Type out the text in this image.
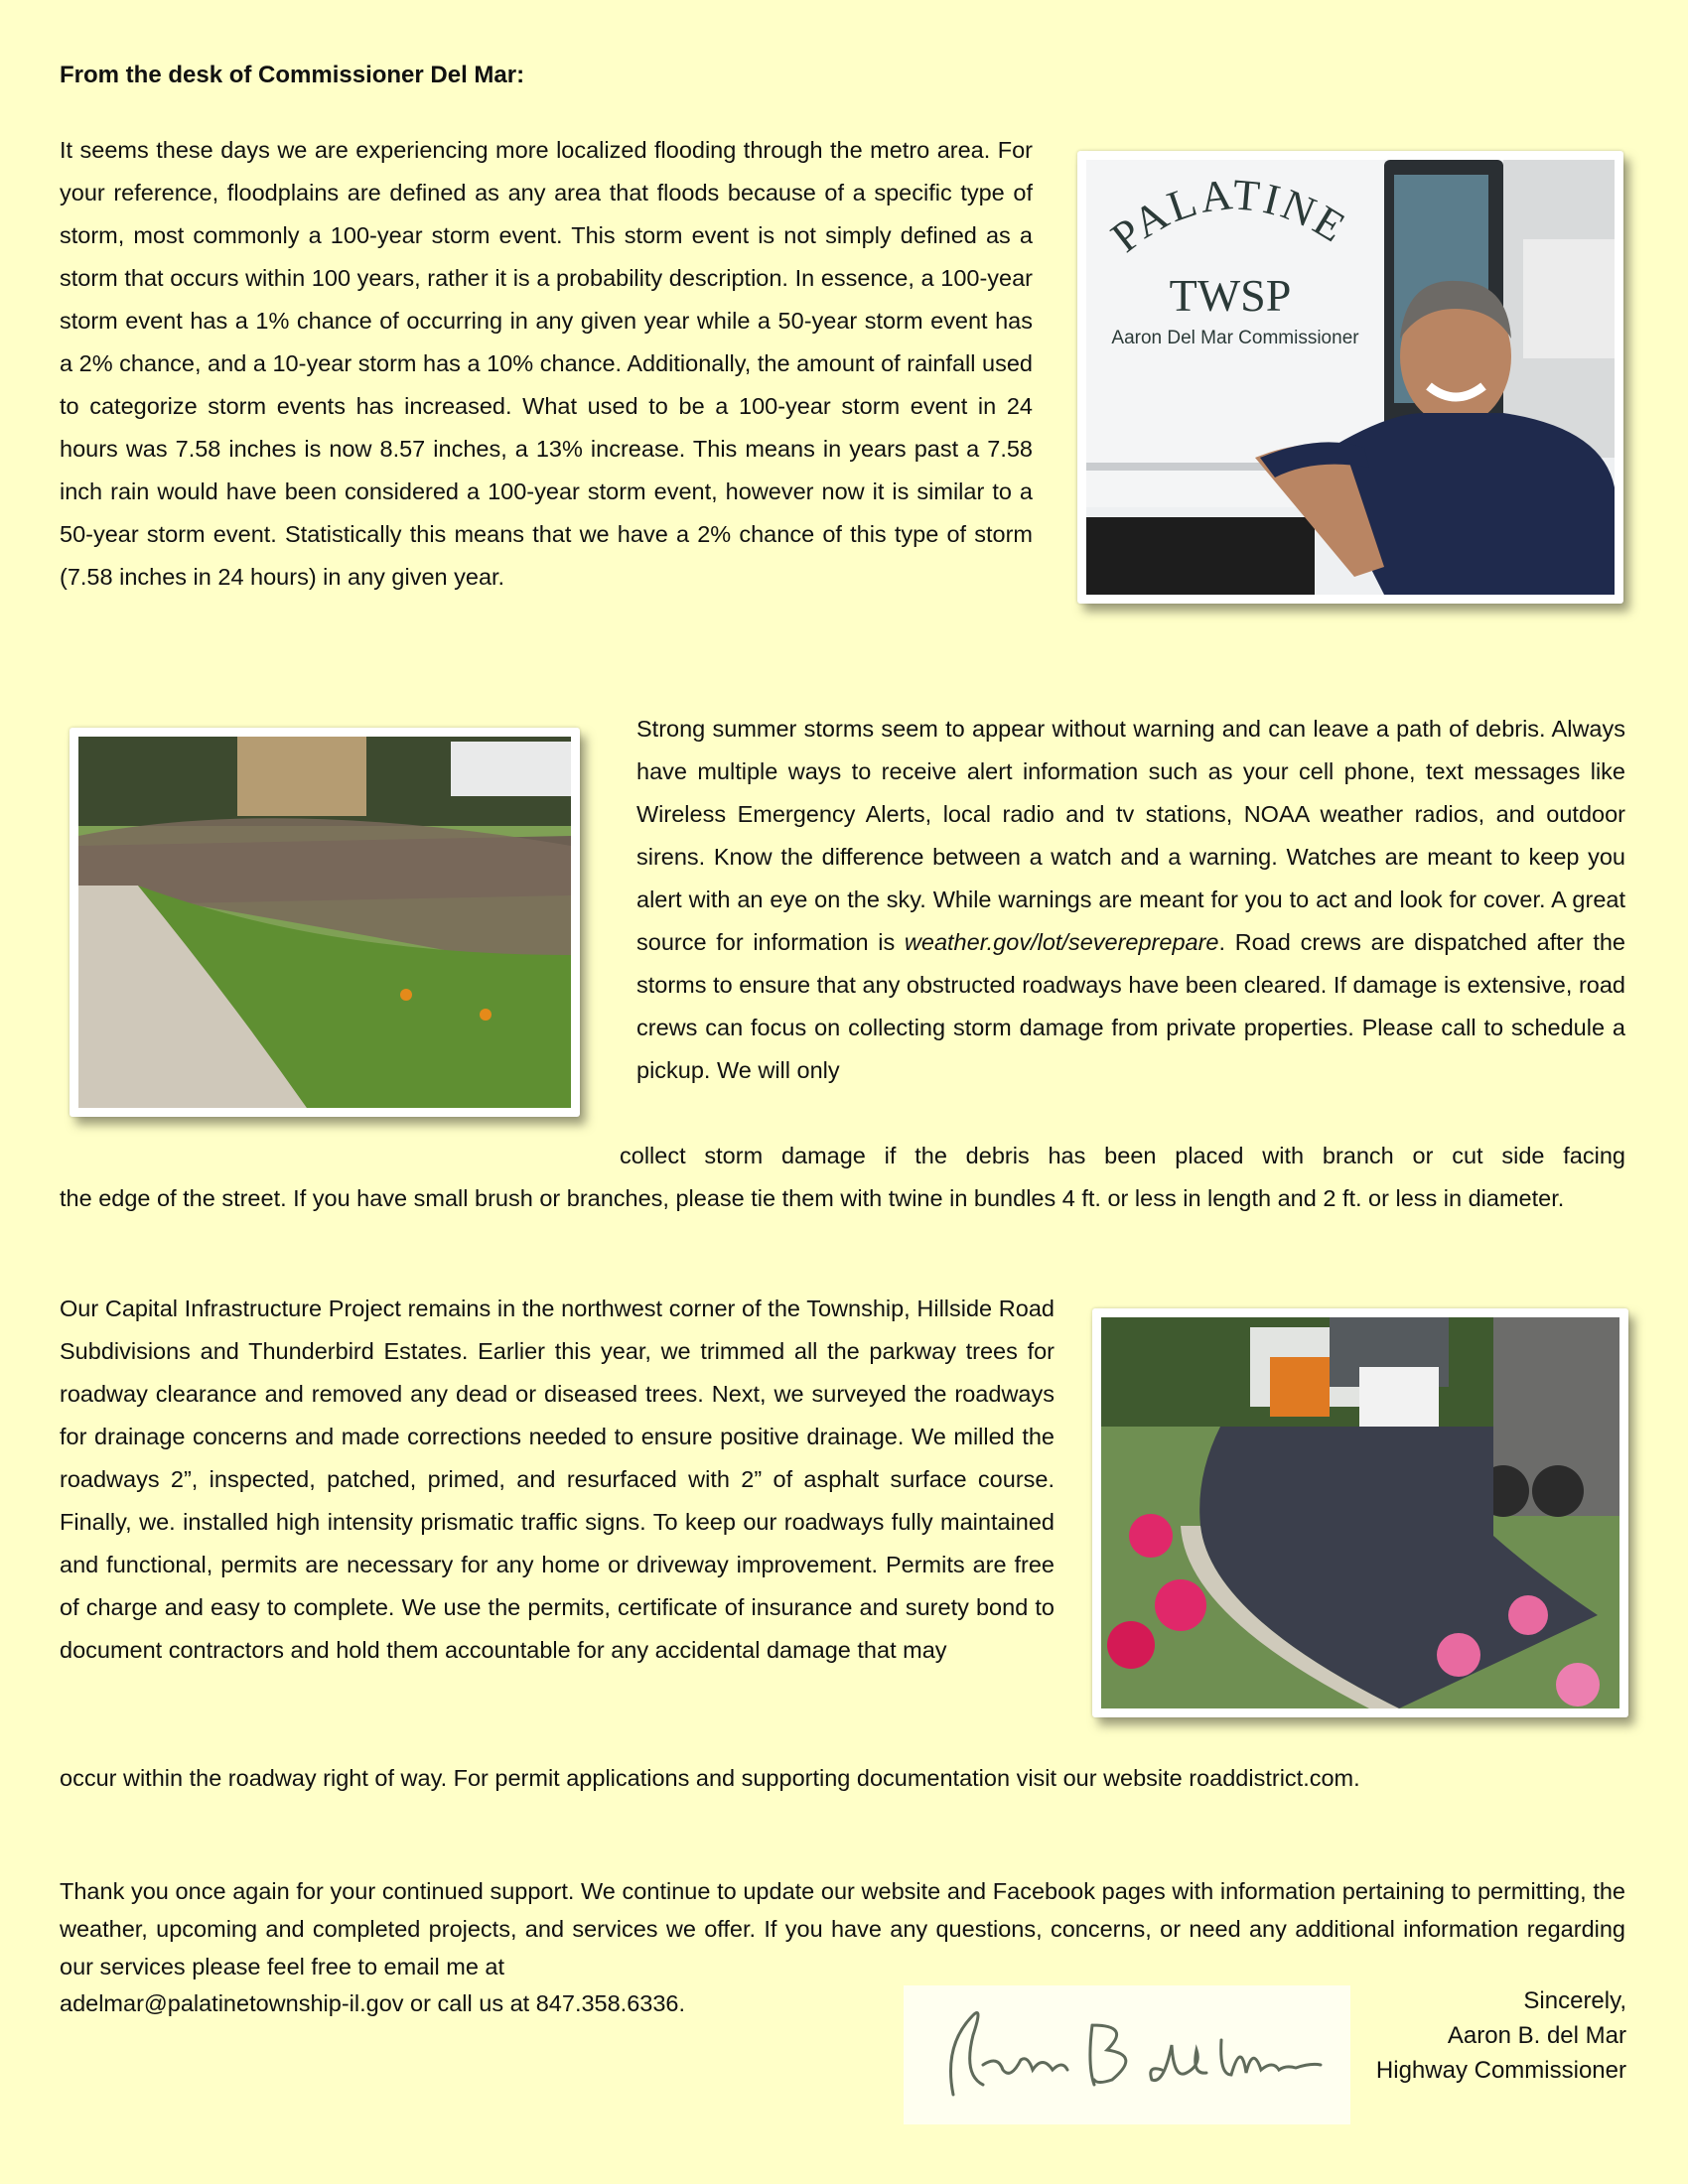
From the desk of Commissioner Del Mar:
It seems these days we are experiencing more localized flooding through the metro area. For your reference, floodplains are defined as any area that floods because of a specific type of storm, most commonly a 100-year storm event. This storm event is not simply defined as a storm that occurs within 100 years, rather it is a probability description. In essence, a 100-year storm event has a 1% chance of occurring in any given year while a 50-year storm event has a 2% chance, and a 10-year storm has a 10% chance. Additionally, the amount of rainfall used to categorize storm events has increased. What used to be a 100-year storm event in 24 hours was 7.58 inches is now 8.57 inches, a 13% increase. This means in years past a 7.58 inch rain would have been considered a 100-year storm event, however now it is similar to a 50-year storm event. Statistically this means that we have a 2% chance of this type of storm (7.58 inches in 24 hours) in any given year.
PALATINE
TWSP
Aaron Del Mar Commissioner
Strong summer storms seem to appear without warning and can leave a path of debris. Always have multiple ways to receive alert information such as your cell phone, text messages like Wireless Emergency Alerts, local radio and tv stations, NOAA weather radios, and outdoor sirens. Know the difference between a watch and a warning. Watches are meant to keep you alert with an eye on the sky. While warnings are meant for you to act and look for cover. A great source for information is weather.gov/lot/severeprepare. Road crews are dispatched after the storms to ensure that any obstructed roadways have been cleared. If damage is extensive, road crews can focus on collecting storm damage from private properties. Please call to schedule a pickup. We will only
collect storm damage if the debris has been placed with branch or cut side facing
the edge of the street. If you have small brush or branches, please tie them with twine in bundles 4 ft. or less in length and 2 ft. or less in diameter.
Our Capital Infrastructure Project remains in the northwest corner of the Township, Hillside Road Subdivisions and Thunderbird Estates. Earlier this year, we trimmed all the parkway trees for roadway clearance and removed any dead or diseased trees. Next, we surveyed the roadways for drainage concerns and made corrections needed to ensure positive drainage. We milled the roadways 2”, inspected, patched, primed, and resurfaced with 2” of asphalt surface course. Finally, we. installed high intensity prismatic traffic signs. To keep our roadways fully maintained and functional, permits are necessary for any home or driveway improvement. Permits are free of charge and easy to complete. We use the permits, certificate of insurance and surety bond to document contractors and hold them accountable for any accidental damage that may
occur within the roadway right of way. For permit applications and supporting documentation visit our website roaddistrict.com.
Thank you once again for your continued support. We continue to update our website and Facebook pages with information pertaining to permitting, the weather, upcoming and completed projects, and services we offer. If you have any questions, concerns, or need any additional information regarding our services please feel free to email me at
adelmar@palatinetownship-il.gov or call us at 847.358.6336.	Sincerely,
Aaron B. del Mar
Highway Commissioner
